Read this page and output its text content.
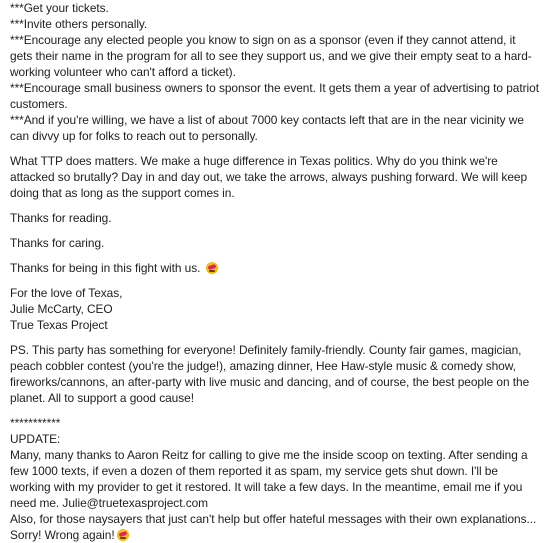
***Get your tickets.
***Invite others personally.
***Encourage any elected people you know to sign on as a sponsor (even if they cannot attend, it gets their name in the program for all to see they support us, and we give their empty seat to a hard-working volunteer who can't afford a ticket).
***Encourage small business owners to sponsor the event. It gets them a year of advertising to patriot customers.
***And if you're willing, we have a list of about 7000 key contacts left that are in the near vicinity we can divvy up for folks to reach out to personally.
What TTP does matters. We make a huge difference in Texas politics. Why do you think we're attacked so brutally? Day in and day out, we take the arrows, always pushing forward. We will keep doing that as long as the support comes in.
Thanks for reading.
Thanks for caring.
Thanks for being in this fight with us.
For the love of Texas,
Julie McCarty, CEO
True Texas Project
PS. This party has something for everyone! Definitely family-friendly. County fair games, magician, peach cobbler contest (you're the judge!), amazing dinner, Hee Haw-style music & comedy show, fireworks/cannons, an after-party with live music and dancing, and of course, the best people on the planet. All to support a good cause!
***********
UPDATE:
Many, many thanks to Aaron Reitz for calling to give me the inside scoop on texting. After sending a few 1000 texts, if even a dozen of them reported it as spam, my service gets shut down. I'll be working with my provider to get it restored. It will take a few days. In the meantime, email me if you need me. Julie@truetexasproject.com
Also, for those naysayers that just can't help but offer hateful messages with their own explanations... Sorry! Wrong again!
